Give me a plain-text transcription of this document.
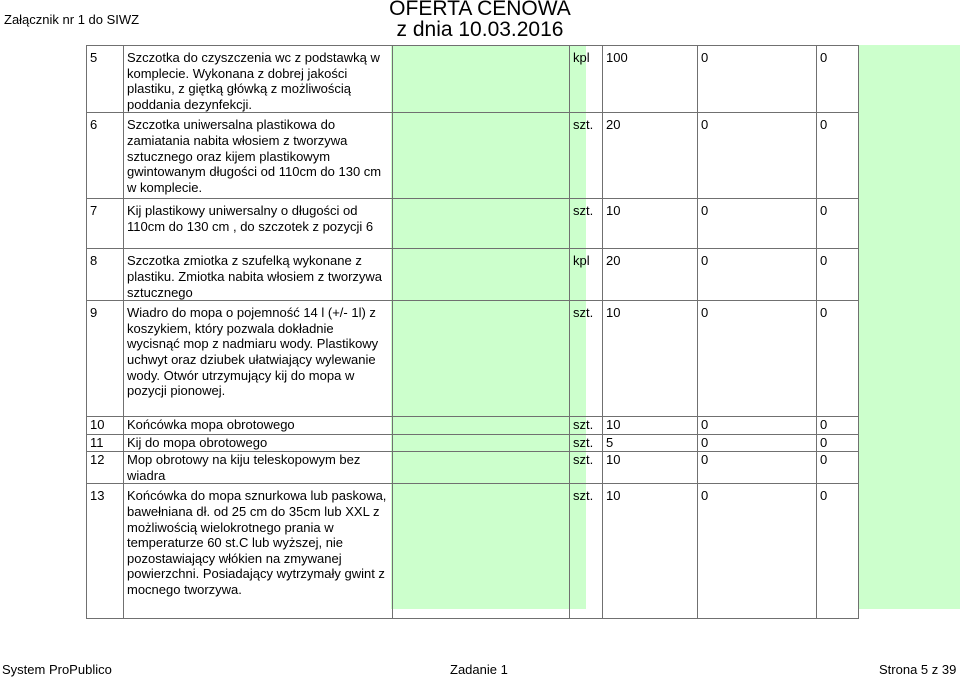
Załącznik nr 1 do SIWZ	OFERTA CENOWA
z dnia 10.03.2016
5	Szczotka do czyszczenia wc z podstawką w komplecie. Wykonana z dobrej jakości plastiku, z giętką główką z możliwością poddania dezynfekcji.		kpl	100	0	0
6	Szczotka uniwersalna plastikowa do zamiatania nabita włosiem z tworzywa sztucznego oraz kijem plastikowym gwintowanym długości od 110cm do 130 cm w komplecie.		szt.	20	0	0
7	Kij plastikowy uniwersalny o długości od 110cm do 130 cm , do szczotek z pozycji 6		szt.	10	0	0
8	Szczotka zmiotka z szufelką wykonane z plastiku. Zmiotka nabita włosiem z tworzywa sztucznego		kpl	20	0	0
9	Wiadro do mopa o pojemność 14 l (+/- 1l) z koszykiem, który pozwala dokładnie wycisnąć mop z nadmiaru wody. Plastikowy uchwyt oraz dziubek ułatwiający wylewanie wody. Otwór utrzymujący kij do mopa w pozycji pionowej.		szt.	10	0	0
10	Końcówka mopa obrotowego		szt.	10	0	0
11	Kij do mopa obrotowego		szt.	5	0	0
12	Mop obrotowy na kiju teleskopowym bez wiadra		szt.	10	0	0
13	Końcówka do mopa sznurkowa lub paskowa, bawełniana dł. od 25 cm do 35cm lub XXL z możliwością wielokrotnego prania w temperaturze 60 st.C lub wyższej, nie pozostawiający włókien na zmywanej powierzchni. Posiadający wytrzymały gwint z mocnego tworzywa.		szt.	10	0	0
System ProPublico	Zadanie 1	Strona 5 z 39
